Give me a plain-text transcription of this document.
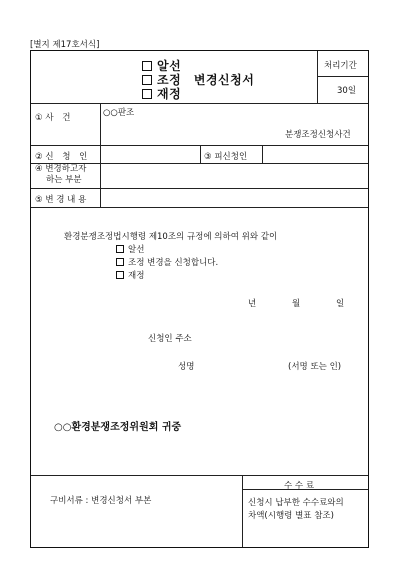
[별지 제17호서식]
알선
조정 변경신청서
재정
처리기간
30일
① 사 건	○○판조
분쟁조정신청사건
② 신 청 인	③ 피신청인
④ 변경하고자
하는 부분
⑤ 변 경 내 용
환경분쟁조정법시행령 제10조의 규정에 의하여 위와 같이
알선
조정 변경을 신청합니다.
재정
년	월	일
신청인 주소
성명	(서명 또는 인)
○○환경분쟁조정위원회 귀중
구비서류 : 변경신청서 부본
수 수 료
신청시 납부한 수수료와의
차액(시행령 별표 참조)
